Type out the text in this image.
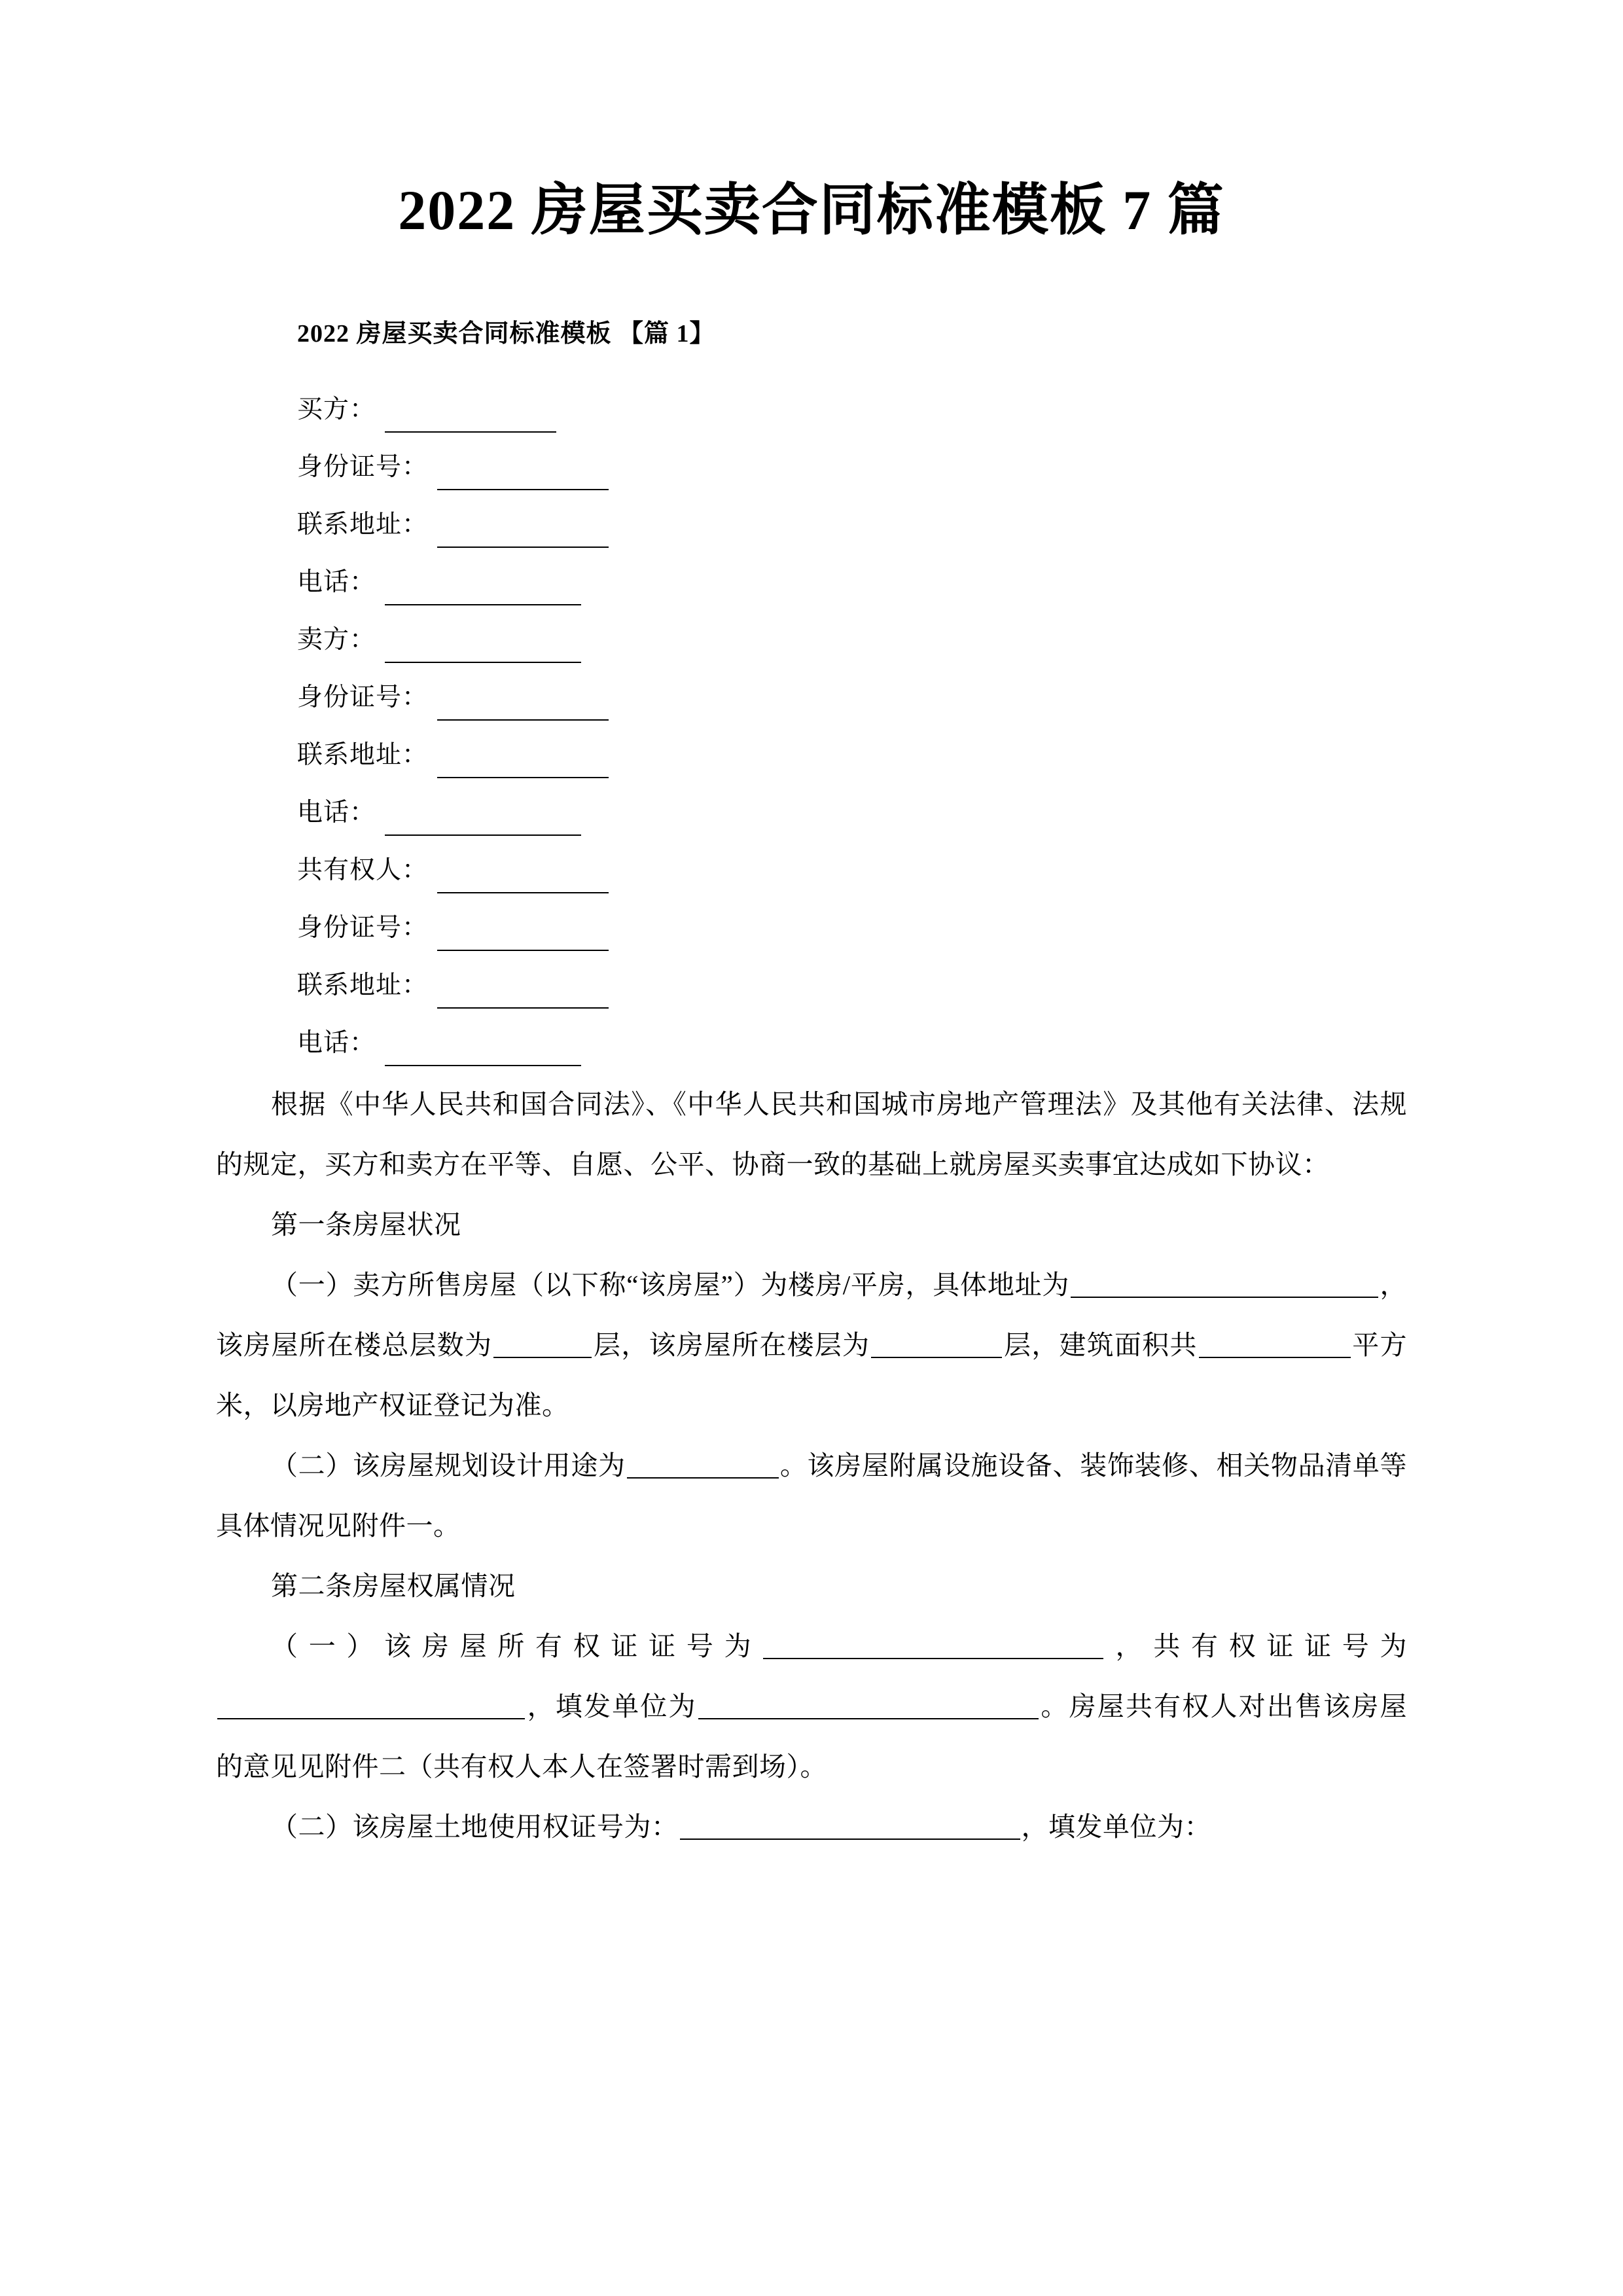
2022 房屋买卖合同标准模板 7 篇

2022 房屋买卖合同标准模板 【篇 1】

买方：
身份证号：
联系地址：
电话：
卖方：
身份证号：
联系地址：
电话：
共有权人：
身份证号：
联系地址：
电话：

根据《中华人民共和国合同法》、《中华人民共和国城市房地产管理法》及其他有关法律、法规的规定，买方和卖方在平等、自愿、公平、协商一致的基础上就房屋买卖事宜达成如下协议：

第一条房屋状况

（一）卖方所售房屋（以下称“该房屋”）为楼房/平房，具体地址为	，该房屋所在楼总层数为	层，该房屋所在楼层为	层，建筑面积共	平方米，以房地产权证登记为准。

（二）该房屋规划设计用途为	。该房屋附属设施设备、装饰装修、相关物品清单等具体情况见附件一。

第二条房屋权属情况

（一）该房屋所有权证证号为	，共有权证证号为，填发单位为	。房屋共有权人对出售该房屋的意见见附件二（共有权人本人在签署时需到场）。

（二）该房屋土地使用权证号为：	，填发单位为：
